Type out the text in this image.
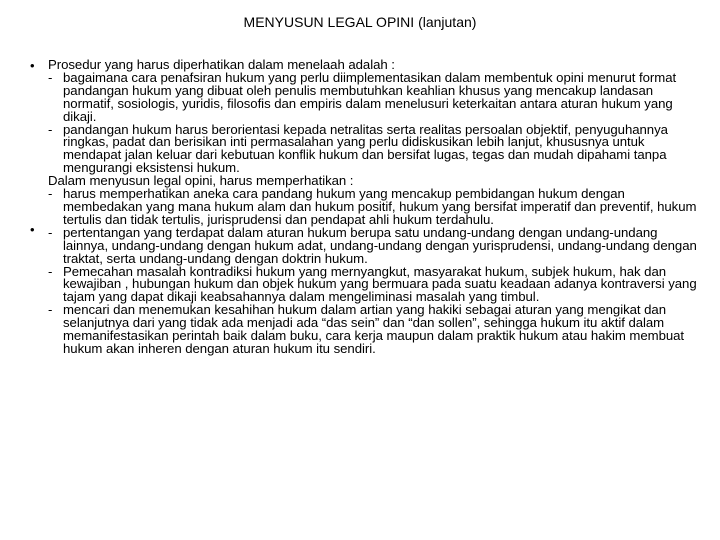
MENYUSUN LEGAL OPINI (lanjutan)
•
•

Prosedur yang harus diperhatikan dalam menelaah adalah :

- bagaimana cara penafsiran hukum yang perlu diimplementasikan dalam membentuk opini menurut format pandangan hukum yang dibuat oleh penulis membutuhkan keahlian khusus yang mencakup landasan normatif, sosiologis, yuridis, filosofis dan empiris dalam menelusuri keterkaitan antara aturan hukum yang dikaji.

- pandangan hukum harus berorientasi kepada netralitas serta realitas persoalan objektif, penyuguhannya ringkas, padat dan berisikan inti permasalahan yang perlu didiskusikan lebih lanjut, khususnya untuk mendapat jalan keluar dari kebutuan konflik hukum dan bersifat lugas, tegas dan mudah dipahami tanpa mengurangi eksistensi hukum.

Dalam menyusun legal opini, harus memperhatikan :

- harus memperhatikan aneka cara pandang hukum yang mencakup pembidangan hukum dengan membedakan yang mana hukum alam dan hukum positif, hukum yang bersifat imperatif dan preventif, hukum tertulis dan tidak tertulis, jurisprudensi dan pendapat ahli hukum terdahulu.

- pertentangan yang terdapat dalam aturan hukum berupa satu undang-undang dengan undang-undang lainnya, undang-undang dengan hukum adat, undang-undang dengan yurisprudensi, undang-undang dengan traktat, serta undang-undang dengan doktrin hukum.

- Pemecahan masalah kontradiksi hukum yang mernyangkut, masyarakat hukum, subjek hukum, hak dan kewajiban , hubungan hukum dan objek hukum yang bermuara pada suatu keadaan adanya kontraversi yang tajam yang dapat dikaji keabsahannya dalam mengeliminasi masalah yang timbul.

- mencari dan menemukan kesahihan hukum dalam artian yang hakiki sebagai aturan yang mengikat dan selanjutnya dari yang tidak ada menjadi ada “das sein” dan “dan sollen”, sehingga hukum itu aktif dalam memanifestasikan perintah baik dalam buku, cara kerja maupun dalam praktik hukum atau hakim membuat hukum akan inheren dengan aturan hukum itu sendiri.
